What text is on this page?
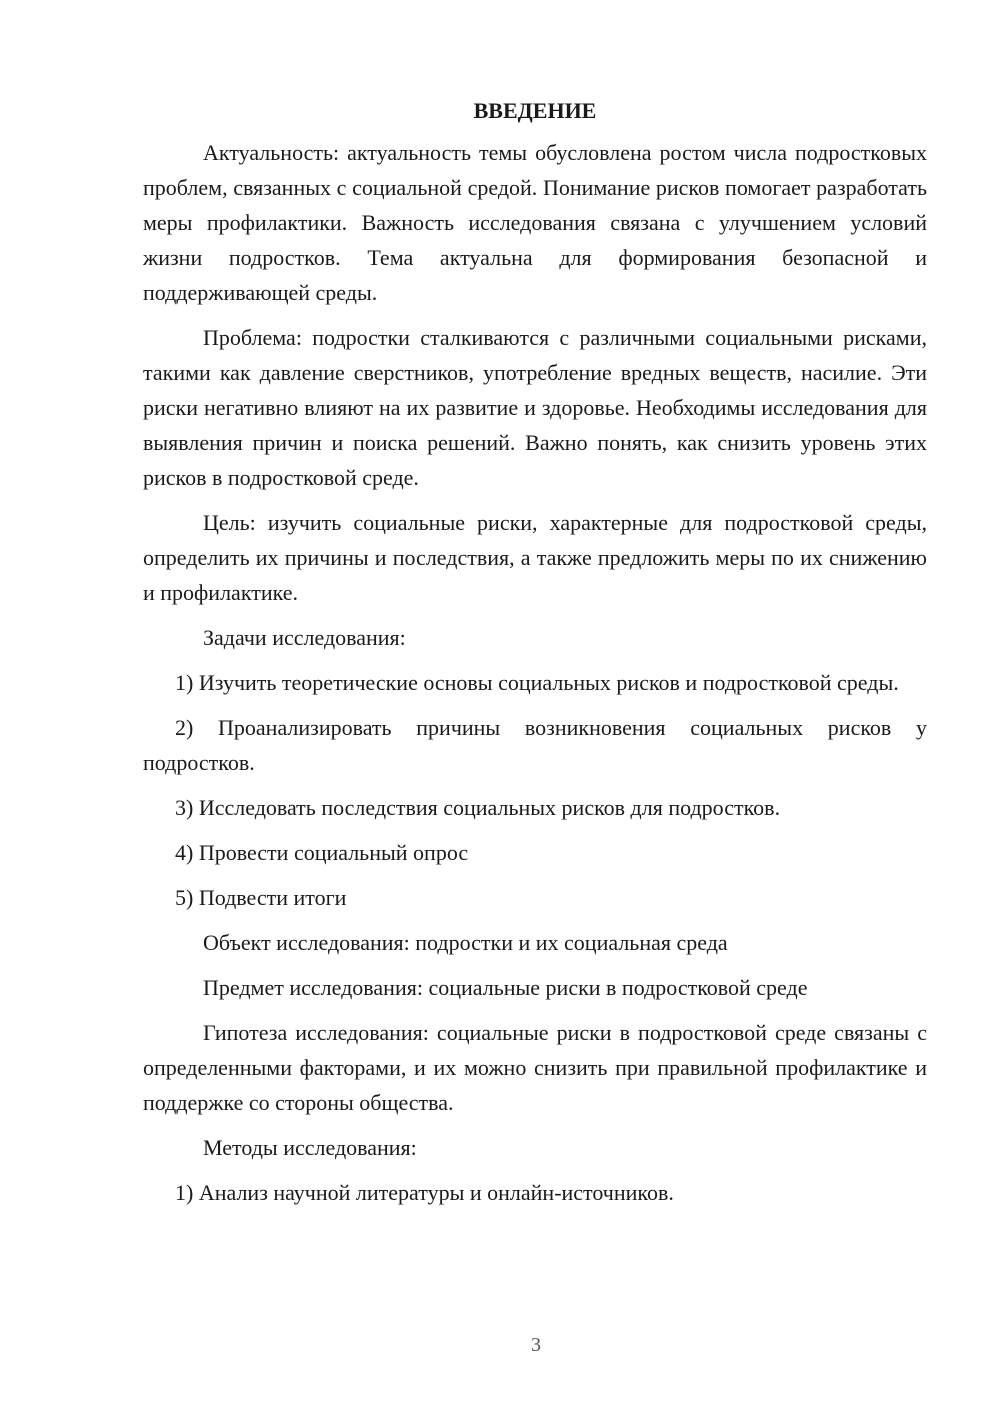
ВВЕДЕНИЕ

Актуальность: актуальность темы обусловлена ростом числа подростковых проблем, связанных с социальной средой. Понимание рисков помогает разработать меры профилактики. Важность исследования связана с улучшением условий жизни подростков. Тема актуальна для формирования безопасной и поддерживающей среды.

Проблема: подростки сталкиваются с различными социальными рисками, такими как давление сверстников, употребление вредных веществ, насилие. Эти риски негативно влияют на их развитие и здоровье. Необходимы исследования для выявления причин и поиска решений. Важно понять, как снизить уровень этих рисков в подростковой среде.

Цель: изучить социальные риски, характерные для подростковой среды, определить их причины и последствия, а также предложить меры по их снижению и профилактике.

Задачи исследования:

1) Изучить теоретические основы социальных рисков и подростковой среды.

2) Проанализировать причины возникновения социальных рисков у подростков.

3) Исследовать последствия социальных рисков для подростков.

4) Провести социальный опрос

5) Подвести итоги

Объект исследования: подростки и их социальная среда

Предмет исследования: социальные риски в подростковой среде

Гипотеза исследования: социальные риски в подростковой среде связаны с определенными факторами, и их можно снизить при правильной профилактике и поддержке со стороны общества.

Методы исследования:

1) Анализ научной литературы и онлайн-источников.

3
